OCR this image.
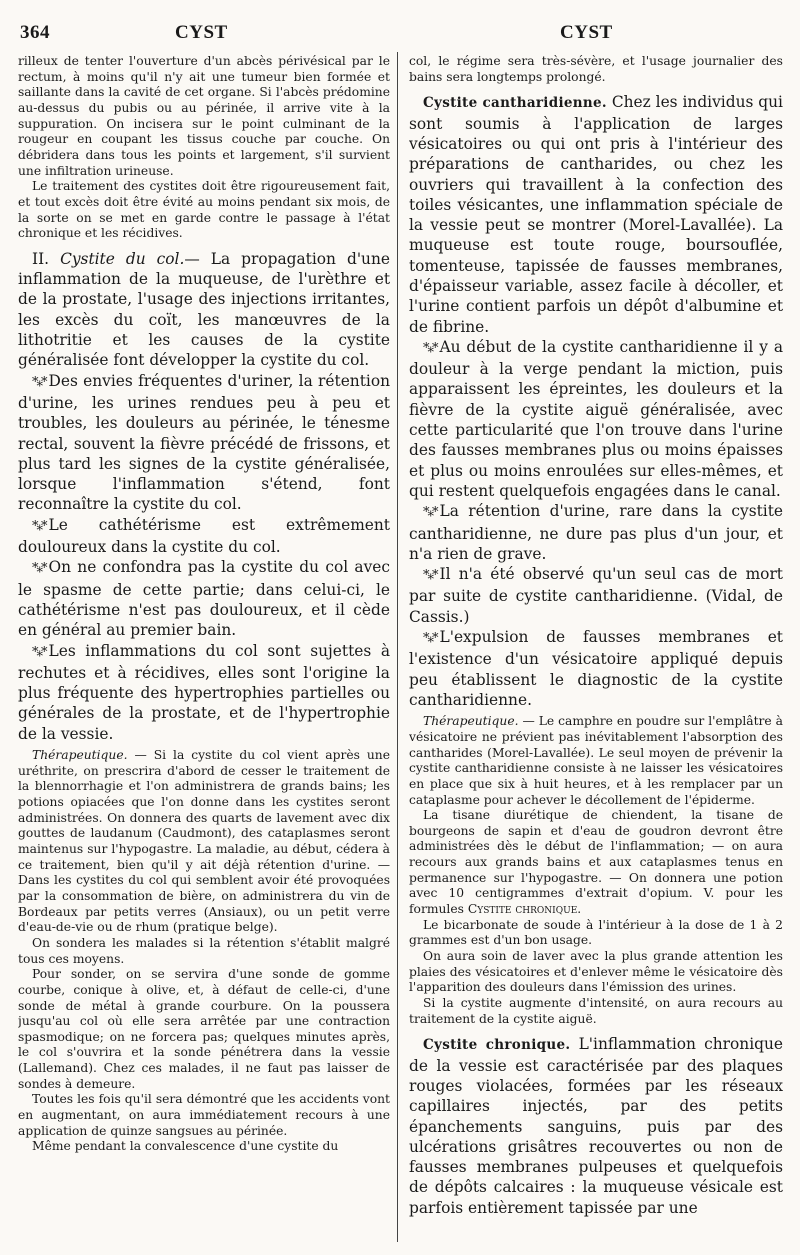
364	CYST	CYST

rilleux de tenter l'ouverture d'un abcès périvésical par le rectum, à moins qu'il n'y ait une tumeur bien formée et saillante dans la cavité de cet organe. Si l'abcès prédomine au-dessus du pubis ou au périnée, il arrive vite à la suppuration. On incisera sur le point culminant de la rougeur en coupant les tissus couche par couche. On débridera dans tous les points et largement, s'il survient une infiltration urineuse.

Le traitement des cystites doit être rigoureusement fait, et tout excès doit être évité au moins pendant six mois, de la sorte on se met en garde contre le passage à l'état chronique et les récidives.

II. Cystite du col.— La propagation d'une inflammation de la muqueuse, de l'urèthre et de la prostate, l'usage des injections irritantes, les excès du coït, les manœuvres de la lithotritie et les causes de la cystite généralisée font développer la cystite du col.

*⁎* Des envies fréquentes d'uriner, la rétention d'urine, les urines rendues peu à peu et troubles, les douleurs au périnée, le ténesme rectal, souvent la fièvre précédé de frissons, et plus tard les signes de la cystite généralisée, lorsque l'inflammation s'étend, font reconnaître la cystite du col.

*⁎* Le cathétérisme est extrêmement douloureux dans la cystite du col.

*⁎* On ne confondra pas la cystite du col avec le spasme de cette partie; dans celui-ci, le cathétérisme n'est pas douloureux, et il cède en général au premier bain.

*⁎* Les inflammations du col sont sujettes à rechutes et à récidives, elles sont l'origine la plus fréquente des hypertrophies partielles ou générales de la prostate, et de l'hypertrophie de la vessie.

Thérapeutique. — Si la cystite du col vient après une uréthrite, on prescrira d'abord de cesser le traitement de la blennorrhagie et l'on administrera de grands bains; les potions opiacées que l'on donne dans les cystites seront administrées. On donnera des quarts de lavement avec dix gouttes de laudanum (Caudmont), des cataplasmes seront maintenus sur l'hypogastre. La maladie, au début, cédera à ce traitement, bien qu'il y ait déjà rétention d'urine. — Dans les cystites du col qui semblent avoir été provoquées par la consommation de bière, on administrera du vin de Bordeaux par petits verres (Ansiaux), ou un petit verre d'eau-de-vie ou de rhum (pratique belge).

On sondera les malades si la rétention s'établit malgré tous ces moyens.

Pour sonder, on se servira d'une sonde de gomme courbe, conique à olive, et, à défaut de celle-ci, d'une sonde de métal à grande courbure. On la poussera jusqu'au col où elle sera arrêtée par une contraction spasmodique; on ne forcera pas; quelques minutes après, le col s'ouvrira et la sonde pénétrera dans la vessie (Lallemand). Chez ces malades, il ne faut pas laisser de sondes à demeure.

Toutes les fois qu'il sera démontré que les accidents vont en augmentant, on aura immédiatement recours à une application de quinze sangsues au périnée.

Même pendant la convalescence d'une cystite du

col, le régime sera très-sévère, et l'usage journalier des bains sera longtemps prolongé.

Cystite cantharidienne. Chez les individus qui sont soumis à l'application de larges vésicatoires ou qui ont pris à l'intérieur des préparations de cantharides, ou chez les ouvriers qui travaillent à la confection des toiles vésicantes, une inflammation spéciale de la vessie peut se montrer (Morel-Lavallée). La muqueuse est toute rouge, boursouflée, tomenteuse, tapissée de fausses membranes, d'épaisseur variable, assez facile à décoller, et l'urine contient parfois un dépôt d'albumine et de fibrine.

*⁎* Au début de la cystite cantharidienne il y a douleur à la verge pendant la miction, puis apparaissent les épreintes, les douleurs et la fièvre de la cystite aiguë généralisée, avec cette particularité que l'on trouve dans l'urine des fausses membranes plus ou moins épaisses et plus ou moins enroulées sur elles-mêmes, et qui restent quelquefois engagées dans le canal.

*⁎* La rétention d'urine, rare dans la cystite cantharidienne, ne dure pas plus d'un jour, et n'a rien de grave.

*⁎* Il n'a été observé qu'un seul cas de mort par suite de cystite cantharidienne. (Vidal, de Cassis.)

*⁎* L'expulsion de fausses membranes et l'existence d'un vésicatoire appliqué depuis peu établissent le diagnostic de la cystite cantharidienne.

Thérapeutique. — Le camphre en poudre sur l'emplâtre à vésicatoire ne prévient pas inévitablement l'absorption des cantharides (Morel-Lavallée). Le seul moyen de prévenir la cystite cantharidienne consiste à ne laisser les vésicatoires en place que six à huit heures, et à les remplacer par un cataplasme pour achever le décollement de l'épiderme.

La tisane diurétique de chiendent, la tisane de bourgeons de sapin et d'eau de goudron devront être administrées dès le début de l'inflammation; — on aura recours aux grands bains et aux cataplasmes tenus en permanence sur l'hypogastre. — On donnera une potion avec 10 centigrammes d'extrait d'opium. V. pour les formules Cystite chronique.

Le bicarbonate de soude à l'intérieur à la dose de 1 à 2 grammes est d'un bon usage.

On aura soin de laver avec la plus grande attention les plaies des vésicatoires et d'enlever même le vésicatoire dès l'apparition des douleurs dans l'émission des urines.

Si la cystite augmente d'intensité, on aura recours au traitement de la cystite aiguë.

Cystite chronique. L'inflammation chronique de la vessie est caractérisée par des plaques rouges violacées, formées par les réseaux capillaires injectés, par des petits épanchements sanguins, puis par des ulcérations grisâtres recouvertes ou non de fausses membranes pulpeuses et quelquefois de dépôts calcaires : la muqueuse vésicale est parfois entièrement tapissée par une
